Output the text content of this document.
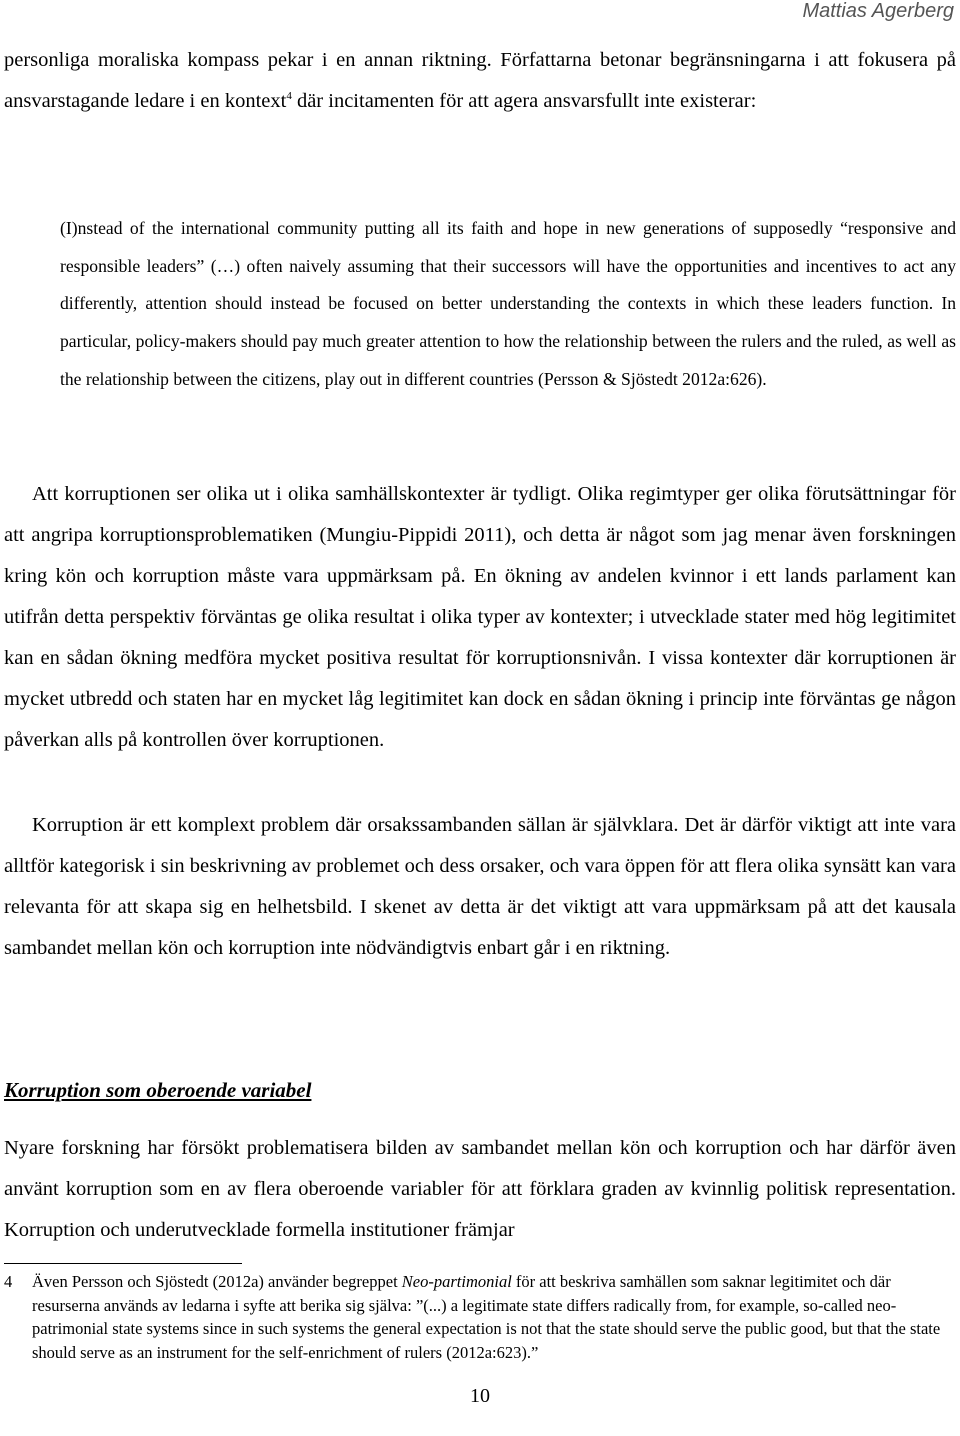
Mattias Agerberg

personliga moraliska kompass pekar i en annan riktning. Författarna betonar begränsningarna i att fokusera på ansvarstagande ledare i en kontext$^4$ där incitamenten för att agera ansvarsfullt inte existerar:

(I)nstead of the international community putting all its faith and hope in new generations of supposedly “responsive and responsible leaders” (…) often naively assuming that their successors will have the opportunities and incentives to act any differently, attention should instead be focused on better understanding the contexts in which these leaders function. In particular, policy-makers should pay much greater attention to how the relationship between the rulers and the ruled, as well as the relationship between the citizens, play out in different countries (Persson & Sjöstedt 2012a:626).

Att korruptionen ser olika ut i olika samhällskontexter är tydligt. Olika regimtyper ger olika förutsättningar för att angripa korruptionsproblematiken (Mungiu-Pippidi 2011), och detta är något som jag menar även forskningen kring kön och korruption måste vara uppmärksam på. En ökning av andelen kvinnor i ett lands parlament kan utifrån detta perspektiv förväntas ge olika resultat i olika typer av kontexter; i utvecklade stater med hög legitimitet kan en sådan ökning medföra mycket positiva resultat för korruptionsnivån. I vissa kontexter där korruptionen är mycket utbredd och staten har en mycket låg legitimitet kan dock en sådan ökning i princip inte förväntas ge någon påverkan alls på kontrollen över korruptionen.

Korruption är ett komplext problem där orsakssambanden sällan är självklara. Det är därför viktigt att inte vara alltför kategorisk i sin beskrivning av problemet och dess orsaker, och vara öppen för att flera olika synsätt kan vara relevanta för att skapa sig en helhetsbild. I skenet av detta är det viktigt att vara uppmärksam på att det kausala sambandet mellan kön och korruption inte nödvändigtvis enbart går i en riktning.

Korruption som oberoende variabel

Nyare forskning har försökt problematisera bilden av sambandet mellan kön och korruption och har därför även använt korruption som en av flera oberoende variabler för att förklara graden av kvinnlig politisk representation. Korruption och underutvecklade formella institutioner främjar

4	Även Persson och Sjöstedt (2012a) använder begreppet Neo-partimonial för att beskriva samhällen som saknar legitimitet och där resurserna används av ledarna i syfte att berika sig själva: ”(...) a legitimate state differs radically from, for example, so-called neo-patrimonial state systems since in such systems the general expectation is not that the state should serve the public good, but that the state should serve as an instrument for the self-enrichment of rulers (2012a:623).”
10
